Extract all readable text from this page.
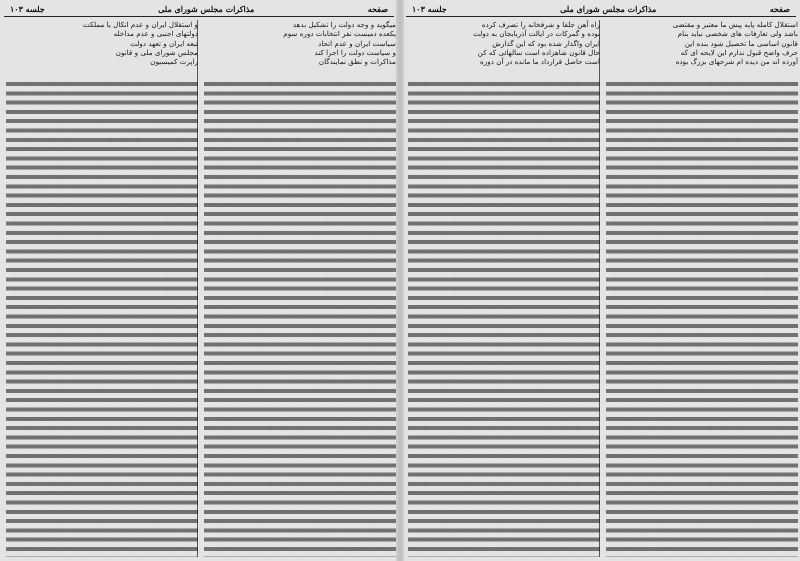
صفحه
مذاکرات مجلس شورای ملی
جلسه ۱۰۳
میگوید و وجه دولت را تشکیل بدهد
یکعده دمیست نفر انتخابات دوره سوم
سیاست ایران و عدم اتحاد
و سیاست دولت را اجرا کند
مذاکرات و نطق نمایندگان
و استقلال ایران و عدم اتکال با مملکت
دولتهای اجنبی و عدم مداخله
تبعه ایران و تعهد دولت
مجلس شورای ملی و قانون
راپرت کمیسیون
صفحه
مذاکرات مجلس شورای ملی
جلسه ۱۰۳
استقلال کامله پایه پیش ما معتبر و مقتضی
باشد ولی تعارفات های شخصی نباید بنام
قانون اساسی ما تحصیل شود بنده این
حرف واضح قبول ندارم این لایحه ای که
آورده اند من دیده ام شرحهای بزرگ بوده
راه آهن جلفا و شرفخانه را تصرف کرده
بوده و گمرکات در ایالت آذربایجان به دولت
ایران واگذار شده بود که این گذارش
حال قانون شاهزاده است سالهائی که کن
است حاصل قرارداد ما مانده در آن دوره
